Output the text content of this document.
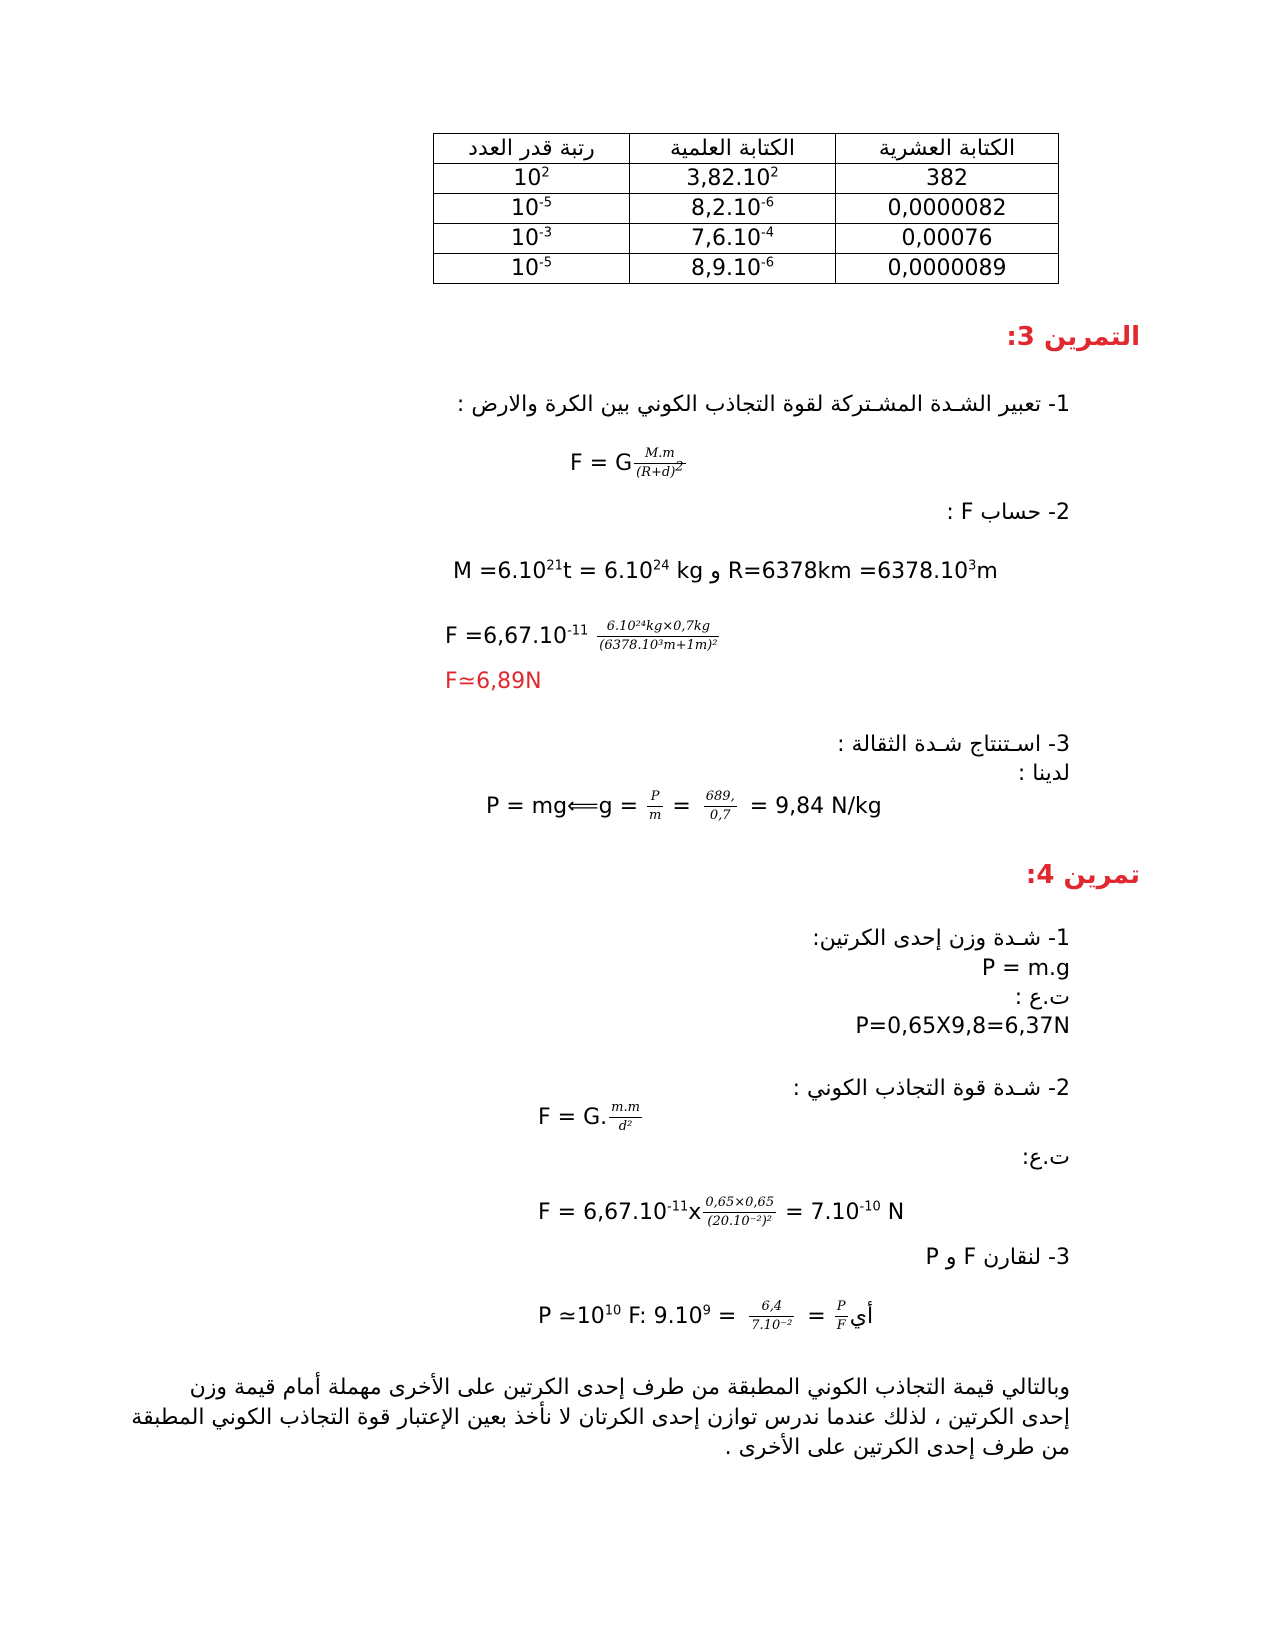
الكتابة العشرية	الكتابة العلمية	رتبة قدر العدد
382	3,82.10$^2$	$10^2$
0,0000082	$8,2.10^{-6}$	$10^{-5}$
0,00076	$7,6.10^{-4}$	$10^{-3}$
0,0000089	$8,9.10^{-6}$	$10^{-5}$
:التمرين 3
1- تعبير الشـدة المشـتركة لقوة التجاذب الكوني بين الكرة والارض :
F = G $\frac{M.m}{(R+d)^2}$
2- حساب F :
$M =6.10^{21}t = 6.10^{24}$ kg و $R=6378km =6378.10^3m$
$F =6,67.10^{-11} \frac{\text{6.10²⁴kg×0,7kg}}{\text{(6378.10³m+1m)²}}$
F≃6,89N
3- اسـتنتاج شـدة الثقالة :
لدينا :
P = mg⟸g = $\frac{P}{m} = \frac{689,}{0,7} = 9,84$ N/kg
:تمرين 4
1- شـدة وزن إحدى الكرتين:
P = m.g
ت.ع :
P=0,65X9,8=6,37N
2- شـدة قوة التجاذب الكوني :
F = G. $\frac{m.m}{\text{d²}}$
ت.ع:
$F = 6,67.10^{-11}x \frac{0,65\times 0,65}{\text{(20.10⁻²)²}} = 7.10^{-10}$ N
3- لنقارن F و P
P $≃10^{10}$ F: أي
$\frac{P}{F}$
=
$\frac{6,4}{\text{7.10⁻²}}$
= $9.10^9$
وبالتالي قيمة التجاذب الكوني المطبقة من طرف إحدى الكرتين على الأخرى مهملة أمام قيمة وزن
إحدى الكرتين ، لذلك عندما ندرس توازن إحدى الكرتان لا نأخذ بعين الإعتبار قوة التجاذب الكوني المطبقة
من طرف إحدى الكرتين على الأخرى .
